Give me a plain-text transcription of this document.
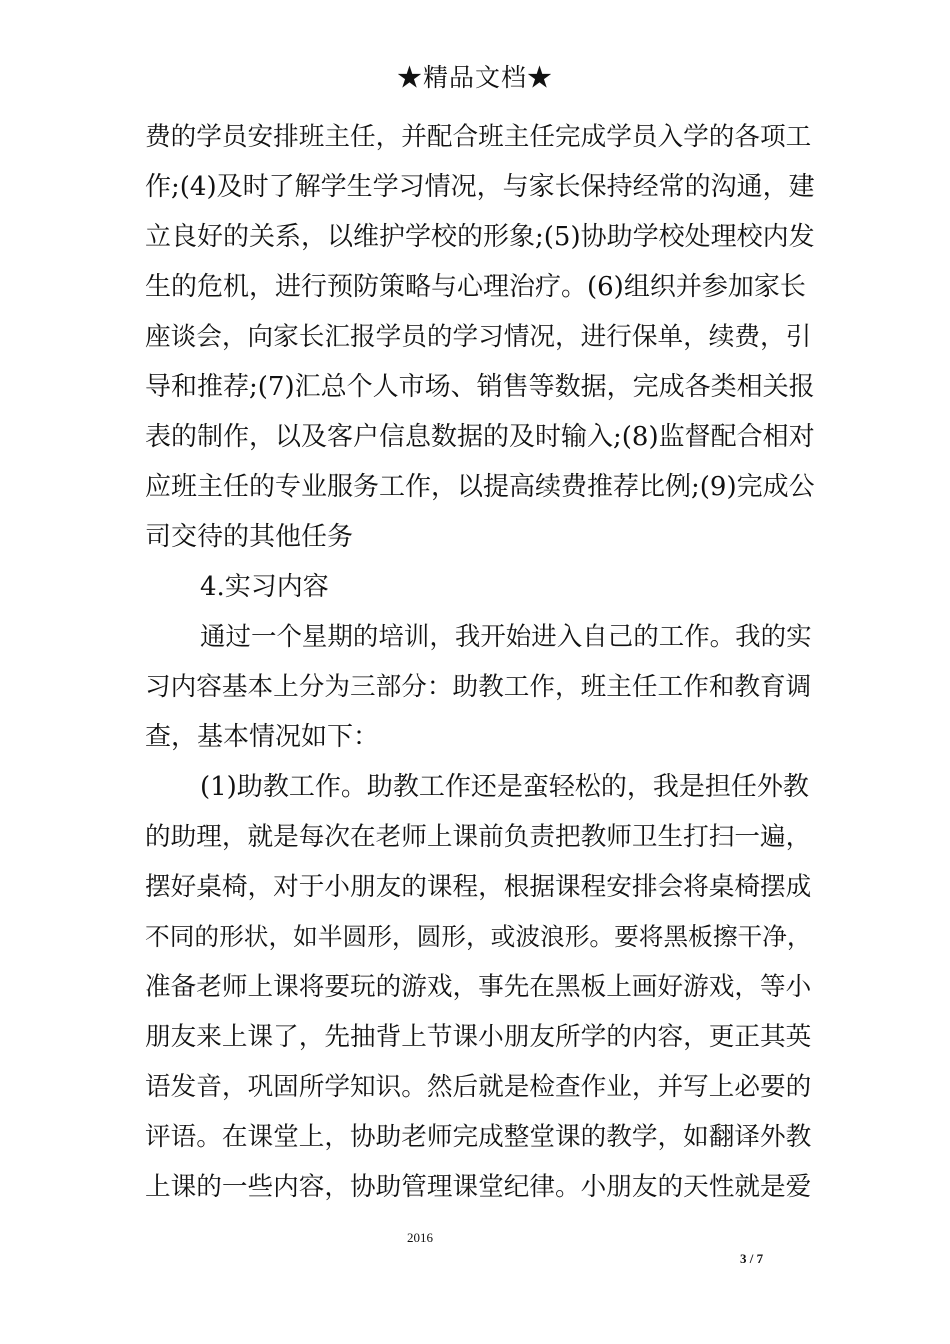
★精品文档★
费的学员安排班主任，并配合班主任完成学员入学的各项工
作;(4)及时了解学生学习情况，与家长保持经常的沟通，建
立良好的关系，以维护学校的形象;(5)协助学校处理校内发
生的危机，进行预防策略与心理治疗。(6)组织并参加家长
座谈会，向家长汇报学员的学习情况，进行保单，续费，引
导和推荐;(7)汇总个人市场、销售等数据，完成各类相关报
表的制作，以及客户信息数据的及时输入;(8)监督配合相对
应班主任的专业服务工作，以提高续费推荐比例;(9)完成公
司交待的其他任务
4.实习内容
通过一个星期的培训，我开始进入自己的工作。我的实
习内容基本上分为三部分：助教工作，班主任工作和教育调
查，基本情况如下：
(1)助教工作。助教工作还是蛮轻松的，我是担任外教
的助理，就是每次在老师上课前负责把教师卫生打扫一遍，
摆好桌椅，对于小朋友的课程，根据课程安排会将桌椅摆成
不同的形状，如半圆形，圆形，或波浪形。要将黑板擦干净，
准备老师上课将要玩的游戏，事先在黑板上画好游戏，等小
朋友来上课了，先抽背上节课小朋友所学的内容，更正其英
语发音，巩固所学知识。然后就是检查作业，并写上必要的
评语。在课堂上，协助老师完成整堂课的教学，如翻译外教
上课的一些内容，协助管理课堂纪律。小朋友的天性就是爱
2016
3 / 7
